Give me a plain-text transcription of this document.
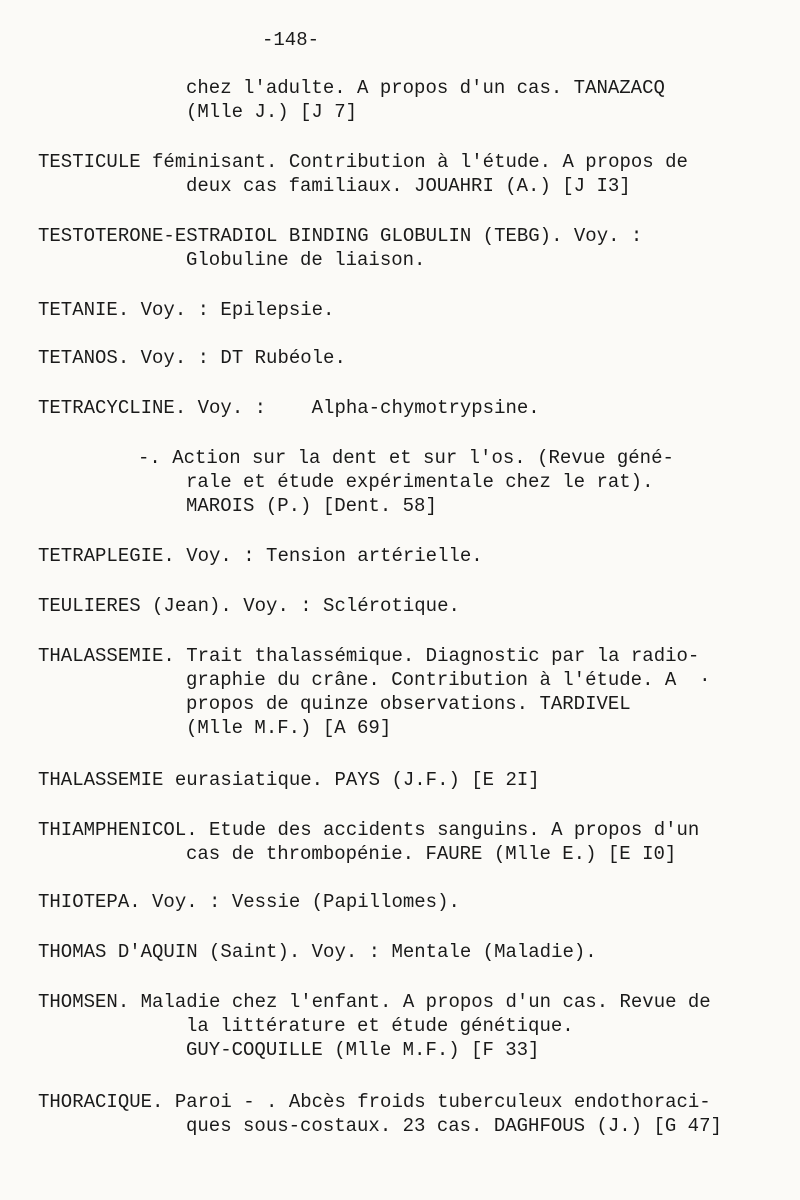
-148-
chez l'adulte. A propos d'un cas. TANAZACQ
(Mlle J.) [J 7]
TESTICULE féminisant. Contribution à l'étude. A propos de
deux cas familiaux. JOUAHRI (A.) [J I3]
TESTOTERONE-ESTRADIOL BINDING GLOBULIN (TEBG). Voy. :
Globuline de liaison.
TETANIE. Voy. : Epilepsie.
TETANOS. Voy. : DT Rubéole.
TETRACYCLINE. Voy. :    Alpha-chymotrypsine.
-. Action sur la dent et sur l'os. (Revue géné-
rale et étude expérimentale chez le rat).
MAROIS (P.) [Dent. 58]
TETRAPLEGIE. Voy. : Tension artérielle.
TEULIERES (Jean). Voy. : Sclérotique.
THALASSEMIE. Trait thalassémique. Diagnostic par la radio-
graphie du crâne. Contribution à l'étude. A  ·
propos de quinze observations. TARDIVEL
(Mlle M.F.) [A 69]
THALASSEMIE eurasiatique. PAYS (J.F.) [E 2I]
THIAMPHENICOL. Etude des accidents sanguins. A propos d'un
cas de thrombopénie. FAURE (Mlle E.) [E I0]
THIOTEPA. Voy. : Vessie (Papillomes).
THOMAS D'AQUIN (Saint). Voy. : Mentale (Maladie).
THOMSEN. Maladie chez l'enfant. A propos d'un cas. Revue de
la littérature et étude génétique.
GUY-COQUILLE (Mlle M.F.) [F 33]
THORACIQUE. Paroi - . Abcès froids tuberculeux endothoraci-
ques sous-costaux. 23 cas. DAGHFOUS (J.) [G 47]
